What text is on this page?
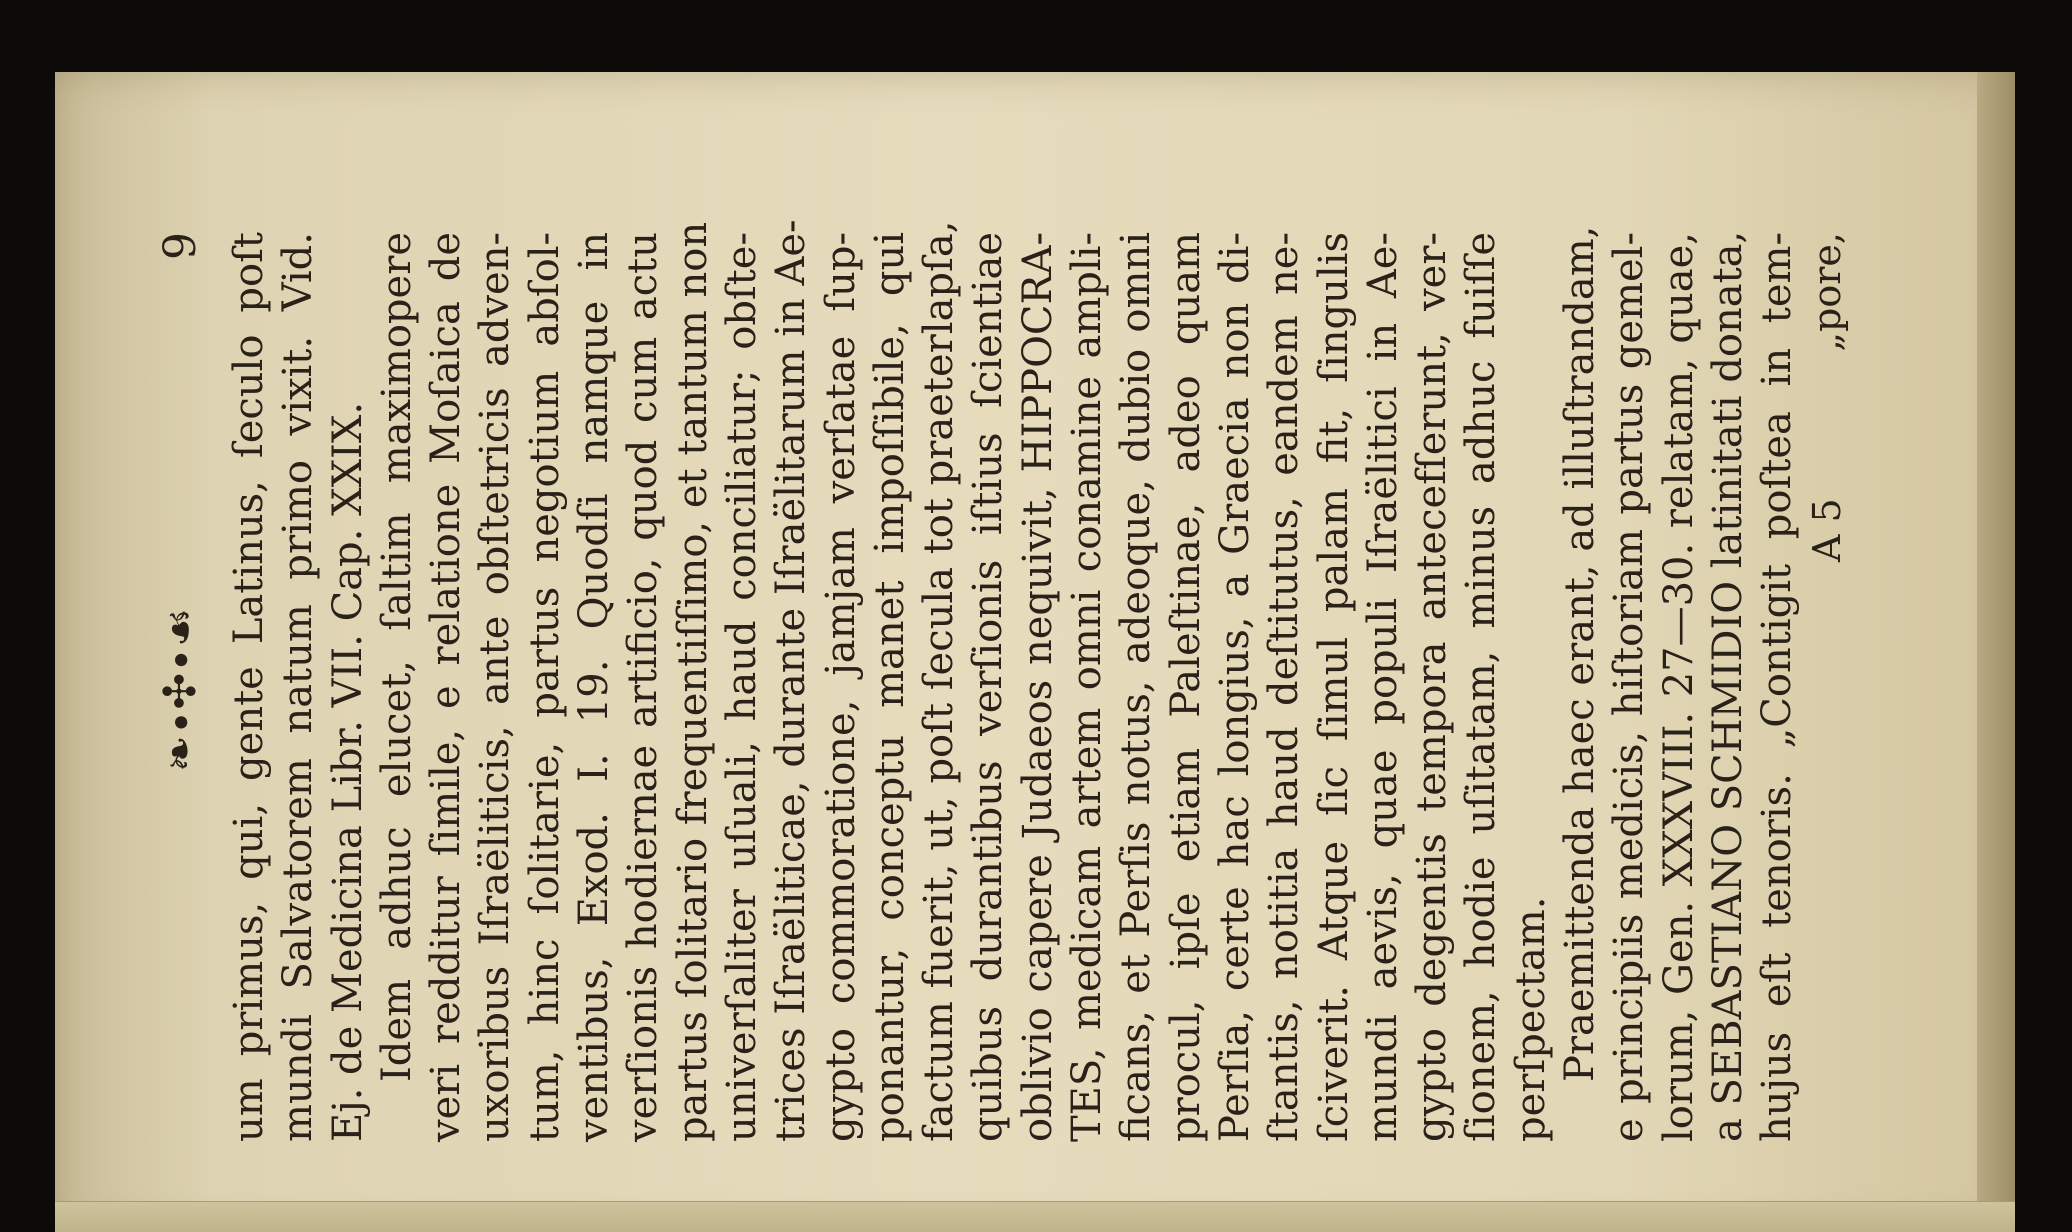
❧∙✣∙☙
9 um primus, qui, gente Latinus, ſeculo poſt mundi Salvatorem natum primo vixit. Vid. Ej. de Medicina Libr. VII. Cap. XXIX. Idem adhuc elucet, ſaltim maximopere veri redditur ſimile, e relatione Moſaica de uxoribus Iſraëliticis, ante obſtetricis adven- tum, hinc ſolitarie, partus negotium abſol- ventibus, Exod. I. 19. Quodſi namque in verſionis hodiernae artificio, quod cum actu partus ſolitario frequentiſſimo, et tantum non univerſaliter uſuali, haud conciliatur; obſte- trices Iſraëliticae, durante Iſraëlitarum in Ae- gypto commoratione, jamjam verſatae ſup- ponantur, conceptu manet impoſſibile, qui factum fuerit, ut, poſt ſecula tot praeterlapſa, quibus durantibus verſionis iſtius ſcientiae oblivio capere Judaeos nequivit, HIPPOCRA- TES, medicam artem omni conamine ampli- ficans, et Perſis notus, adeoque, dubio omni procul, ipſe etiam Paleſtinae, adeo quam Perſia, certe hac longius, a Graecia non di- ſtantis, notitia haud deſtitutus, eandem ne- ſciverit. Atque ſic ſimul palam fit, ſingulis mundi aevis, quae populi Iſraëlitici in Ae- gypto degentis tempora antecefſerunt, ver- ſionem, hodie uſitatam, minus adhuc fuiſſe perſpectam. Praemittenda haec erant, ad illuſtrandam, e principiis medicis, hiſtoriam partus gemel- lorum, Gen. XXXVIII. 27—30. relatam, quae, a SEBASTIANO SCHMIDIO latinitati donata, hujus eſt tenoris. „Contigit poſtea in tem- A 5
„pore,
